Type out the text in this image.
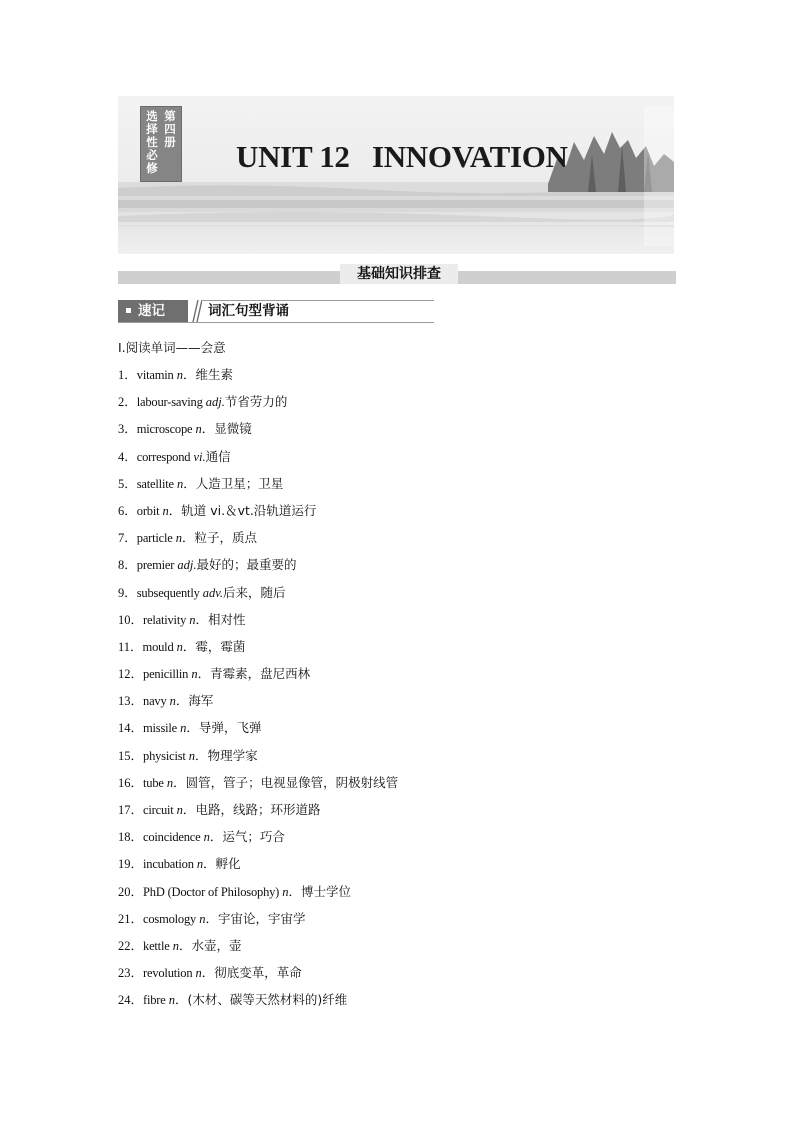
第
四
册
选
择
性
必
修	UNIT 12   INNOVATION
基础知识排查
速记	词汇句型背诵

Ⅰ.阅读单词——会意

1．vitamin n．维生素
2．labour-saving adj.节省劳力的
3．microscope n．显微镜
4．correspond vi.通信
5．satellite n．人造卫星；卫星
6．orbit n．轨道 vi.＆vt.沿轨道运行
7．particle n．粒子，质点
8．premier adj.最好的；最重要的
9．subsequently adv.后来，随后
10．relativity n．相对性
11．mould n．霉，霉菌
12．penicillin n．青霉素，盘尼西林
13．navy n．海军
14．missile n．导弹，飞弹
15．physicist n．物理学家
16．tube n．圆管，管子；电视显像管，阴极射线管
17．circuit n．电路，线路；环形道路
18．coincidence n．运气；巧合
19．incubation n．孵化
20．PhD (Doctor of Philosophy) n．博士学位
21．cosmology n．宇宙论，宇宙学
22．kettle n．水壶，壶
23．revolution n．彻底变革，革命
24．fibre n．(木材、碳等天然材料的)纤维
